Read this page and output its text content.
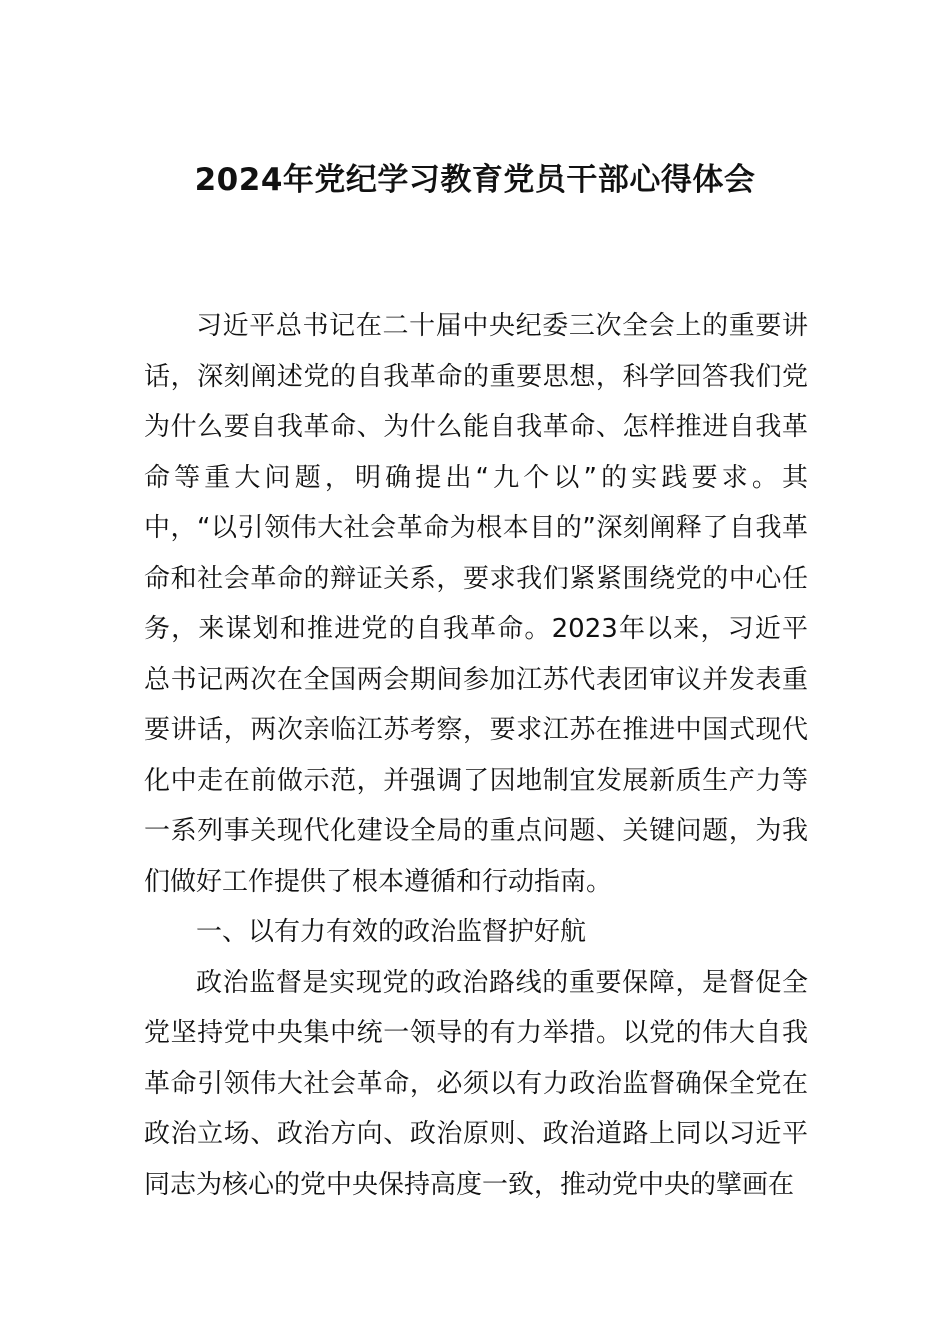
2024年党纪学习教育党员干部心得体会

习近平总书记在二十届中央纪委三次全会上的重要讲话，深刻阐述党的自我革命的重要思想，科学回答我们党为什么要自我革命、为什么能自我革命、怎样推进自我革命等重大问题，明确提出“九个以”的实践要求。其中，“以引领伟大社会革命为根本目的”深刻阐释了自我革命和社会革命的辩证关系，要求我们紧紧围绕党的中心任务，来谋划和推进党的自我革命。2023年以来，习近平总书记两次在全国两会期间参加江苏代表团审议并发表重要讲话，两次亲临江苏考察，要求江苏在推进中国式现代化中走在前做示范，并强调了因地制宜发展新质生产力等一系列事关现代化建设全局的重点问题、关键问题，为我们做好工作提供了根本遵循和行动指南。

一、以有力有效的政治监督护好航

政治监督是实现党的政治路线的重要保障，是督促全党坚持党中央集中统一领导的有力举措。以党的伟大自我革命引领伟大社会革命，必须以有力政治监督确保全党在政治立场、政治方向、政治原则、政治道路上同以习近平同志为核心的党中央保持高度一致，推动党中央的擘画在
